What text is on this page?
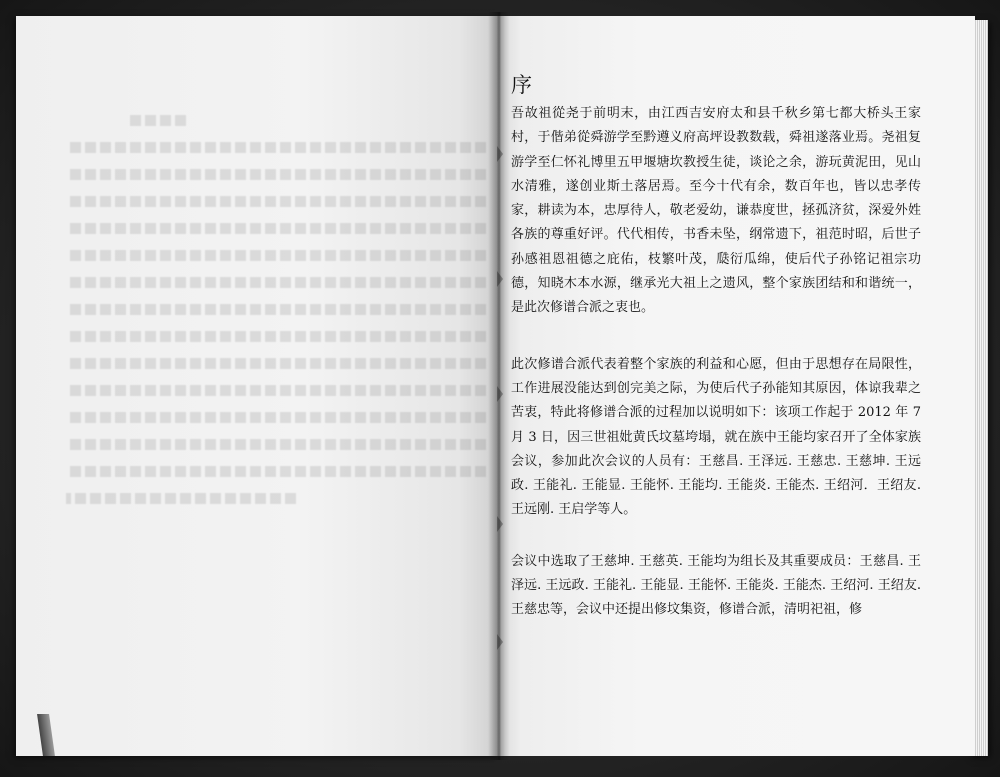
序

吾故祖從尧于前明末，由江西吉安府太和县千秋乡第七都大桥头王家村，于偕弟從舜游学至黔遵义府高坪设教数载，舜祖遂落业焉。尧祖复游学至仁怀礼博里五甲堰塘坎教授生徒，谈论之余，游玩黄泥田，见山水清雅，遂创业斯土落居焉。至今十代有余，数百年也，皆以忠孝传家，耕读为本，忠厚待人，敬老爱幼，谦恭度世，拯孤济贫，深爱外姓各族的尊重好评。代代相传，书香未坠，纲常遗下，祖范时昭，后世子孙感祖恩祖德之庇佑，枝繁叶茂，瓞衍瓜绵，使后代子孙铭记祖宗功德，知晓木本水源，继承光大祖上之遗风，整个家族团结和和谐统一，是此次修谱合派之衷也。

此次修谱合派代表着整个家族的利益和心愿，但由于思想存在局限性，工作进展没能达到创完美之际，为使后代子孙能知其原因，体谅我辈之苦衷，特此将修谱合派的过程加以说明如下：该项工作起于 2012 年 7 月 3 日，因三世祖妣黄氏坟墓垮塌，就在族中王能均家召开了全体家族会议，参加此次会议的人员有：王慈昌. 王泽远. 王慈忠. 王慈坤. 王远政. 王能礼. 王能显. 王能怀. 王能均. 王能炎. 王能杰. 王绍河．王绍友. 王远刚. 王启学等人。

会议中选取了王慈坤. 王慈英. 王能均为组长及其重要成员：王慈昌. 王泽远. 王远政. 王能礼. 王能显. 王能怀. 王能炎. 王能杰. 王绍河. 王绍友. 王慈忠等，会议中还提出修坟集资，修谱合派，清明祀祖，修
